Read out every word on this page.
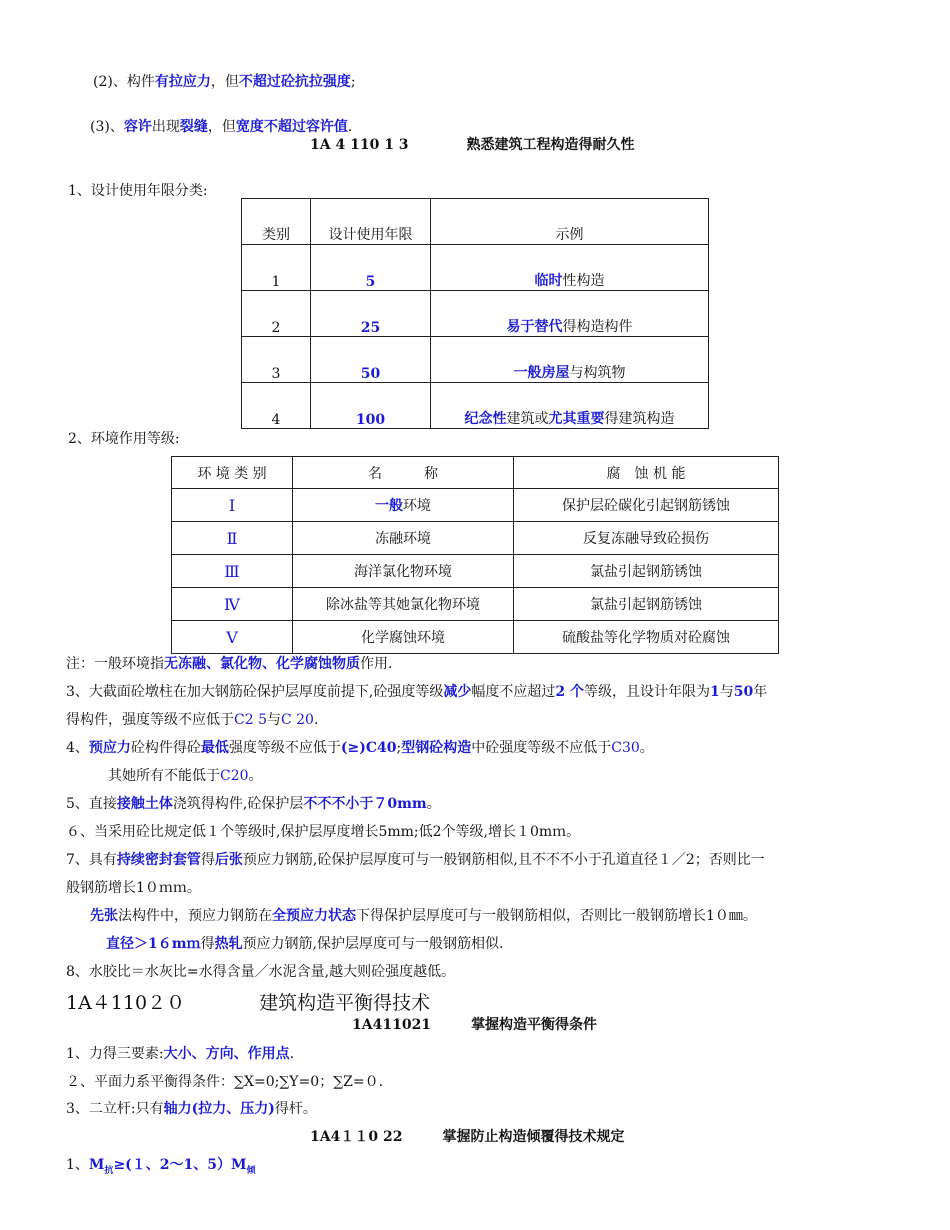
(2)、构件有拉应力，但不超过砼抗拉强度;
(3)、容许出现裂缝，但宽度不超过容许值.
1A 4 110 1 3	熟悉建筑工程构造得耐久性
1、设计使用年限分类:
类别	设计使用年限	示例
1	5	临时性构造
2	25	易于替代得构造构件
3	50	一般房屋与构筑物
4	100	纪念性建筑或尤其重要得建筑构造
2、环境作用等级:
环 境 类 别	名　　　称	腐　蚀 机 能
Ⅰ	一般环境	保护层砼碳化引起钢筋锈蚀
Ⅱ	冻融环境	反复冻融导致砼损伤
Ⅲ	海洋氯化物环境	氯盐引起钢筋锈蚀
Ⅳ	除冰盐等其她氯化物环境	氯盐引起钢筋锈蚀
Ⅴ	化学腐蚀环境	硫酸盐等化学物质对砼腐蚀
注：一般环境指无冻融、氯化物、化学腐蚀物质作用.
3、大截面砼墩柱在加大钢筋砼保护层厚度前提下,砼强度等级减少幅度不应超过2 个等级，且设计年限为1与50年
得构件，强度等级不应低于C2 5与C 20.
4、预应力砼构件得砼最低强度等级不应低于(≥)C40;型钢砼构造中砼强度等级不应低于C30。
其她所有不能低于C20。
5、直接接触土体浇筑得构件,砼保护层不不不小于７0mm。
６、当采用砼比规定低１个等级时,保护层厚度增长5mm;低2个等级,增长１0mｍ。
7、具有持续密封套管得后张预应力钢筋,砼保护层厚度可与一般钢筋相似,且不不不小于孔道直径１／2；否则比一
般钢筋增长1０ｍｍ。
先张法构件中，预应力钢筋在全预应力状态下得保护层厚度可与一般钢筋相似，否则比一般钢筋增长1０㎜。
直径＞1６mｍ得热轧预应力钢筋,保护层厚度可与一般钢筋相似.
8、水胶比＝水灰比=水得含量／水泥含量,越大则砼强度越低。
1A４110２０	建筑构造平衡得技术
1A411021	掌握构造平衡得条件
1、力得三要素:大小、方向、作用点.
２、平面力系平衡得条件：∑X=0;∑Y=0；∑Z=０.
3、二立杆:只有轴力(拉力、压力)得杆。
1A4１１0 22	掌握防止构造倾覆得技术规定
1、$M_抗\ge(1$、2～1、$5)M_倾$
